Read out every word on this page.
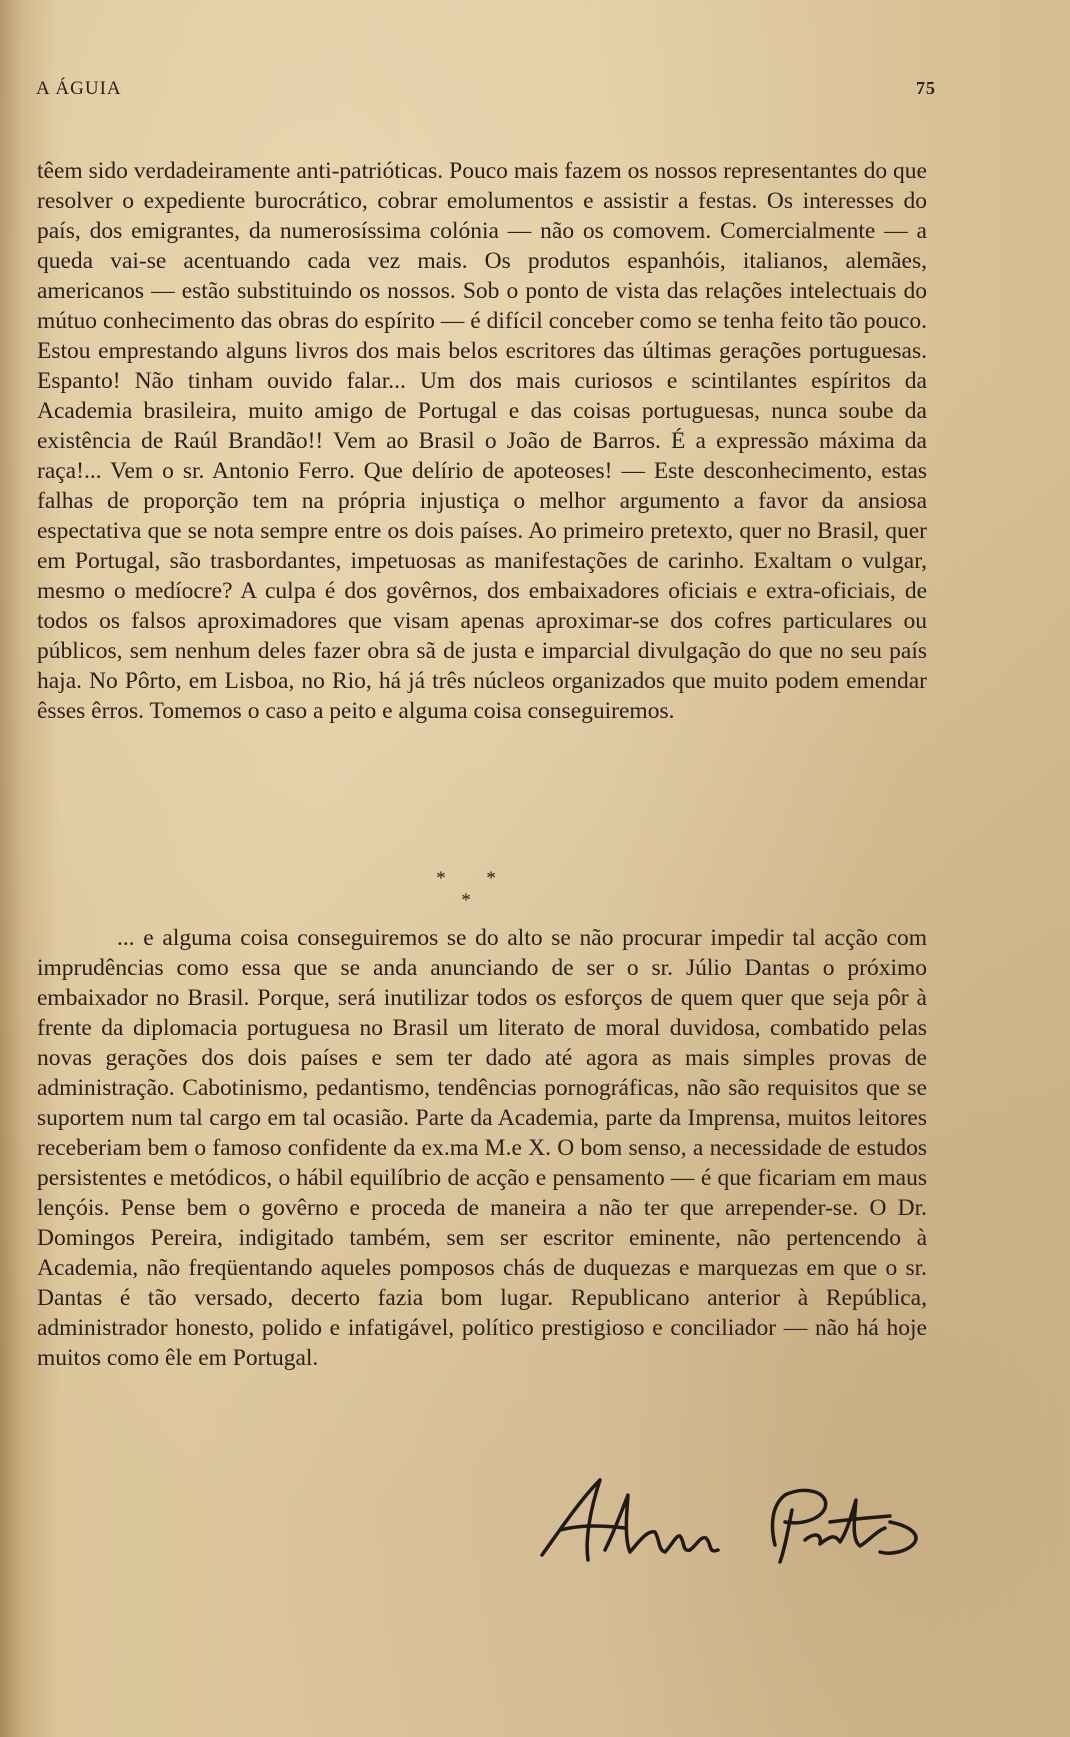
A ÁGUIA	75

têem sido verdadeiramente anti-patrióticas. Pouco mais fazem os nossos representantes do que resolver o expediente burocrático, cobrar emolumentos e assistir a festas. Os interesses do país, dos emigrantes, da numerosíssima colónia — não os comovem. Comercialmente — a queda vai-se acentuando cada vez mais. Os produtos espanhóis, italianos, alemães, americanos — estão substituindo os nossos. Sob o ponto de vista das relações intelectuais do mútuo conhecimento das obras do espírito — é difícil conceber como se tenha feito tão pouco. Estou emprestando alguns livros dos mais belos escritores das últimas gerações portuguesas. Espanto! Não tinham ouvido falar... Um dos mais curiosos e scintilantes espíritos da Academia brasileira, muito amigo de Portugal e das coisas portuguesas, nunca soube da existência de Raúl Brandão!! Vem ao Brasil o João de Barros. É a expressão máxima da raça!... Vem o sr. Antonio Ferro. Que delírio de apoteoses! — Este desconhecimento, estas falhas de proporção tem na própria injustiça o melhor argumento a favor da ansiosa espectativa que se nota sempre entre os dois países. Ao primeiro pretexto, quer no Brasil, quer em Portugal, são trasbordantes, impetuosas as manifestações de carinho. Exaltam o vulgar, mesmo o medíocre? A culpa é dos govêrnos, dos embaixadores oficiais e extra-oficiais, de todos os falsos aproximadores que visam apenas aproximar-se dos cofres particulares ou públicos, sem nenhum deles fazer obra sã de justa e imparcial divulgação do que no seu país haja. No Pôrto, em Lisboa, no Rio, há já três núcleos organizados que muito podem emendar êsses êrros. Tomemos o caso a peito e alguma coisa conseguiremos.

* * *

... e alguma coisa conseguiremos se do alto se não procurar impedir tal acção com imprudências como essa que se anda anunciando de ser o sr. Júlio Dantas o próximo embaixador no Brasil. Porque, será inutilizar todos os esforços de quem quer que seja pôr à frente da diplomacia portuguesa no Brasil um literato de moral duvidosa, combatido pelas novas gerações dos dois países e sem ter dado até agora as mais simples provas de administração. Cabotinismo, pedantismo, tendências pornográficas, não são requisitos que se suportem num tal cargo em tal ocasião. Parte da Academia, parte da Imprensa, muitos leitores receberiam bem o famoso confidente da ex.ma M.e X. O bom senso, a necessidade de estudos persistentes e metódicos, o hábil equilíbrio de acção e pensamento — é que ficariam em maus lençóis. Pense bem o govêrno e proceda de maneira a não ter que arrepender-se. O Dr. Domingos Pereira, indigitado também, sem ser escritor eminente, não pertencendo à Academia, não freqüentando aqueles pomposos chás de duquezas e marquezas em que o sr. Dantas é tão versado, decerto fazia bom lugar. Republicano anterior à República, administrador honesto, polido e infatigável, político prestigioso e conciliador — não há hoje muitos como êle em Portugal.
